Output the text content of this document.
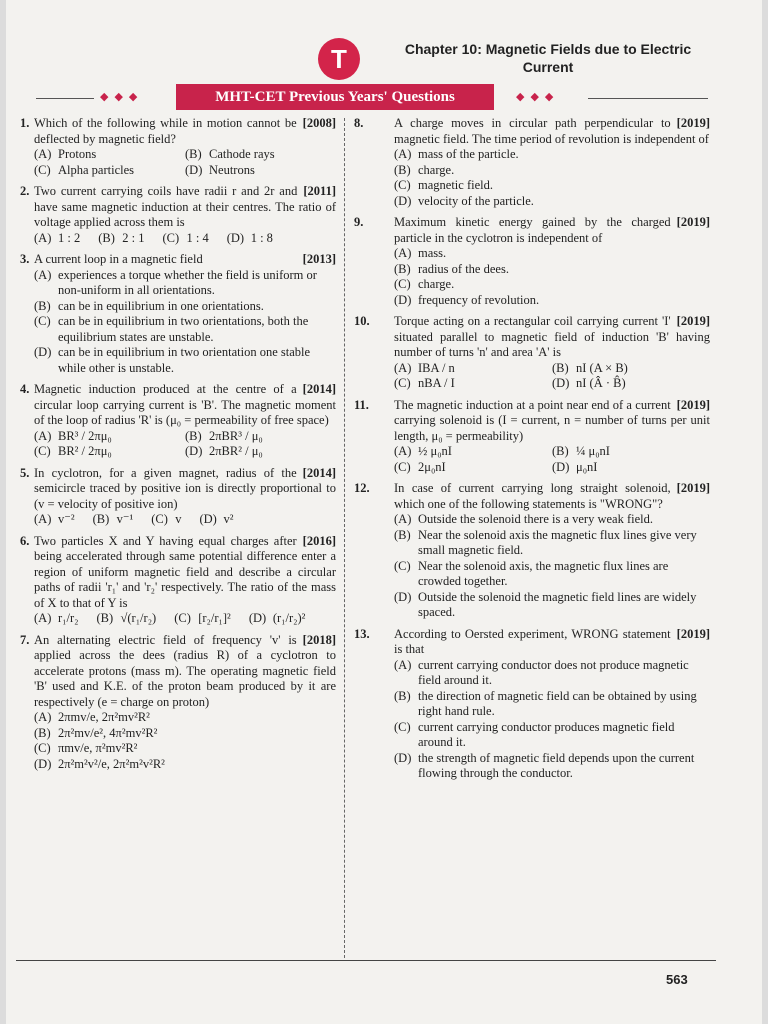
T	Chapter 10: Magnetic Fields due to Electric
Current
◆◆◆	MHT-CET Previous Years' Questions	◆◆◆
1.	[2008]
Which of the following while in motion cannot be deflected by magnetic field?
(A) Protons	(B) Cathode rays
(C) Alpha particles	(D) Neutrons
2.	[2011]
Two current carrying coils have radii r and 2r and have same magnetic induction at their centres. The ratio of voltage applied across them is
(A) 1 : 2 (B) 2 : 1 (C) 1 : 4 (D) 1 : 8
3.	[2013]
A current loop in a magnetic field
(A) experiences a torque whether the field is uniform or non-uniform in all orientations.
(B) can be in equilibrium in one orientations.
(C) can be in equilibrium in two orientations, both the equilibrium states are unstable.
(D) can be in equilibrium in two orientation one stable while other is unstable.
4.	[2014]
Magnetic induction produced at the centre of a circular loop carrying current is 'B'. The magnetic moment of the loop of radius 'R' is (μ₀ = permeability of free space)
(A) BR³ / 2πμ₀	(B) 2πBR³ / μ₀
(C) BR² / 2πμ₀	(D) 2πBR² / μ₀
5.	[2014]
In cyclotron, for a given magnet, radius of the semicircle traced by positive ion is directly proportional to (v = velocity of positive ion)
(A) v⁻² (B) v⁻¹ (C) v (D) v²
6.	[2016]
Two particles X and Y having equal charges after being accelerated through same potential difference enter a region of uniform magnetic field and describe a circular paths of radii 'r₁' and 'r₂' respectively. The ratio of the mass of X to that of Y is
(A) r₁/r₂ (B) √(r₁/r₂) (C) [r₂/r₁]² (D) (r₁/r₂)²
7.	[2018]
An alternating electric field of frequency 'v' is applied across the dees (radius R) of a cyclotron to accelerate protons (mass m). The operating magnetic field 'B' used and K.E. of the proton beam produced by it are respectively (e = charge on proton)
(A) 2πmv/e, 2π²mv²R²
(B) 2π²mv/e², 4π²mv²R²
(C) πmv/e, π²mv²R²
(D) 2π²m²v²/e, 2π²m²v²R²
8.	[2019]
A charge moves in circular path perpendicular to magnetic field. The time period of revolution is independent of
(A) mass of the particle.
(B) charge.
(C) magnetic field.
(D) velocity of the particle.
9.	[2019]
Maximum kinetic energy gained by the charged particle in the cyclotron is independent of
(A) mass.
(B) radius of the dees.
(C) charge.
(D) frequency of revolution.
10.	[2019]
Torque acting on a rectangular coil carrying current 'I' situated parallel to magnetic field of induction 'B' having number of turns 'n' and area 'A' is
(A) IBA / n	(B) nI (A × B)
(C) nBA / I	(D) nI (Â · B̂)
11.	[2019]
The magnetic induction at a point near end of a current carrying solenoid is (I = current, n = number of turns per unit length, μ₀ = permeability)
(A) ½ μ₀nI	(B) ¼ μ₀nI
(C) 2μ₀nI	(D) μ₀nI
12.	[2019]
In case of current carrying long straight solenoid, which one of the following statements is "WRONG"?
(A) Outside the solenoid there is a very weak field.
(B) Near the solenoid axis the magnetic flux lines give very small magnetic field.
(C) Near the solenoid axis, the magnetic flux lines are crowded together.
(D) Outside the solenoid the magnetic field lines are widely spaced.
13.	[2019]
According to Oersted experiment, WRONG statement is that
(A) current carrying conductor does not produce magnetic field around it.
(B) the direction of magnetic field can be obtained by using right hand rule.
(C) current carrying conductor produces magnetic field around it.
(D) the strength of magnetic field depends upon the current flowing through the conductor.
563
